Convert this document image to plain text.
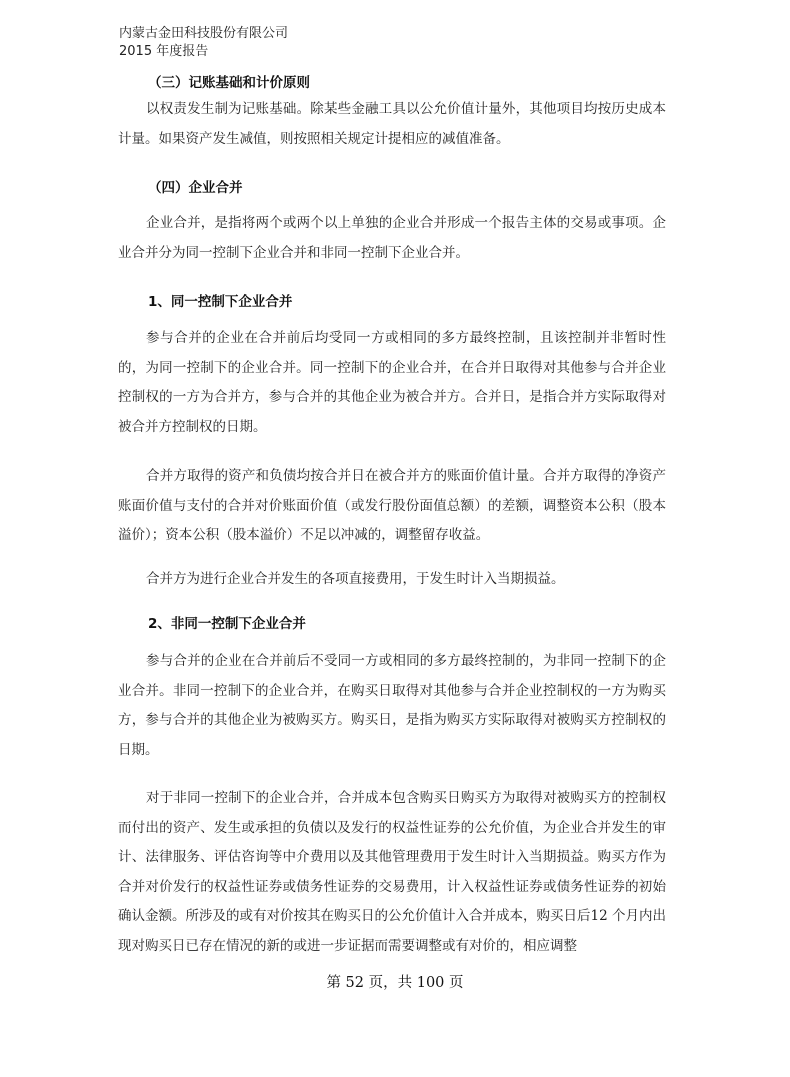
内蒙古金田科技股份有限公司
2015 年度报告
（三）记账基础和计价原则

以权责发生制为记账基础。除某些金融工具以公允价值计量外，其他项目均按历史成本计量。如果资产发生减值，则按照相关规定计提相应的减值准备。

（四）企业合并

企业合并，是指将两个或两个以上单独的企业合并形成一个报告主体的交易或事项。企业合并分为同一控制下企业合并和非同一控制下企业合并。

1、同一控制下企业合并

参与合并的企业在合并前后均受同一方或相同的多方最终控制，且该控制并非暂时性的，为同一控制下的企业合并。同一控制下的企业合并，在合并日取得对其他参与合并企业控制权的一方为合并方，参与合并的其他企业为被合并方。合并日，是指合并方实际取得对被合并方控制权的日期。

合并方取得的资产和负债均按合并日在被合并方的账面价值计量。合并方取得的净资产账面价值与支付的合并对价账面价值（或发行股份面值总额）的差额，调整资本公积（股本溢价）；资本公积（股本溢价）不足以冲减的，调整留存收益。

合并方为进行企业合并发生的各项直接费用，于发生时计入当期损益。

2、非同一控制下企业合并

参与合并的企业在合并前后不受同一方或相同的多方最终控制的，为非同一控制下的企业合并。非同一控制下的企业合并，在购买日取得对其他参与合并企业控制权的一方为购买方，参与合并的其他企业为被购买方。购买日，是指为购买方实际取得对被购买方控制权的日期。

对于非同一控制下的企业合并，合并成本包含购买日购买方为取得对被购买方的控制权而付出的资产、发生或承担的负债以及发行的权益性证券的公允价值，为企业合并发生的审计、法律服务、评估咨询等中介费用以及其他管理费用于发生时计入当期损益。购买方作为合并对价发行的权益性证券或债务性证券的交易费用，计入权益性证券或债务性证券的初始确认金额。所涉及的或有对价按其在购买日的公允价值计入合并成本，购买日后12 个月内出现对购买日已存在情况的新的或进一步证据而需要调整或有对价的，相应调整

第 52 页，共 100 页
